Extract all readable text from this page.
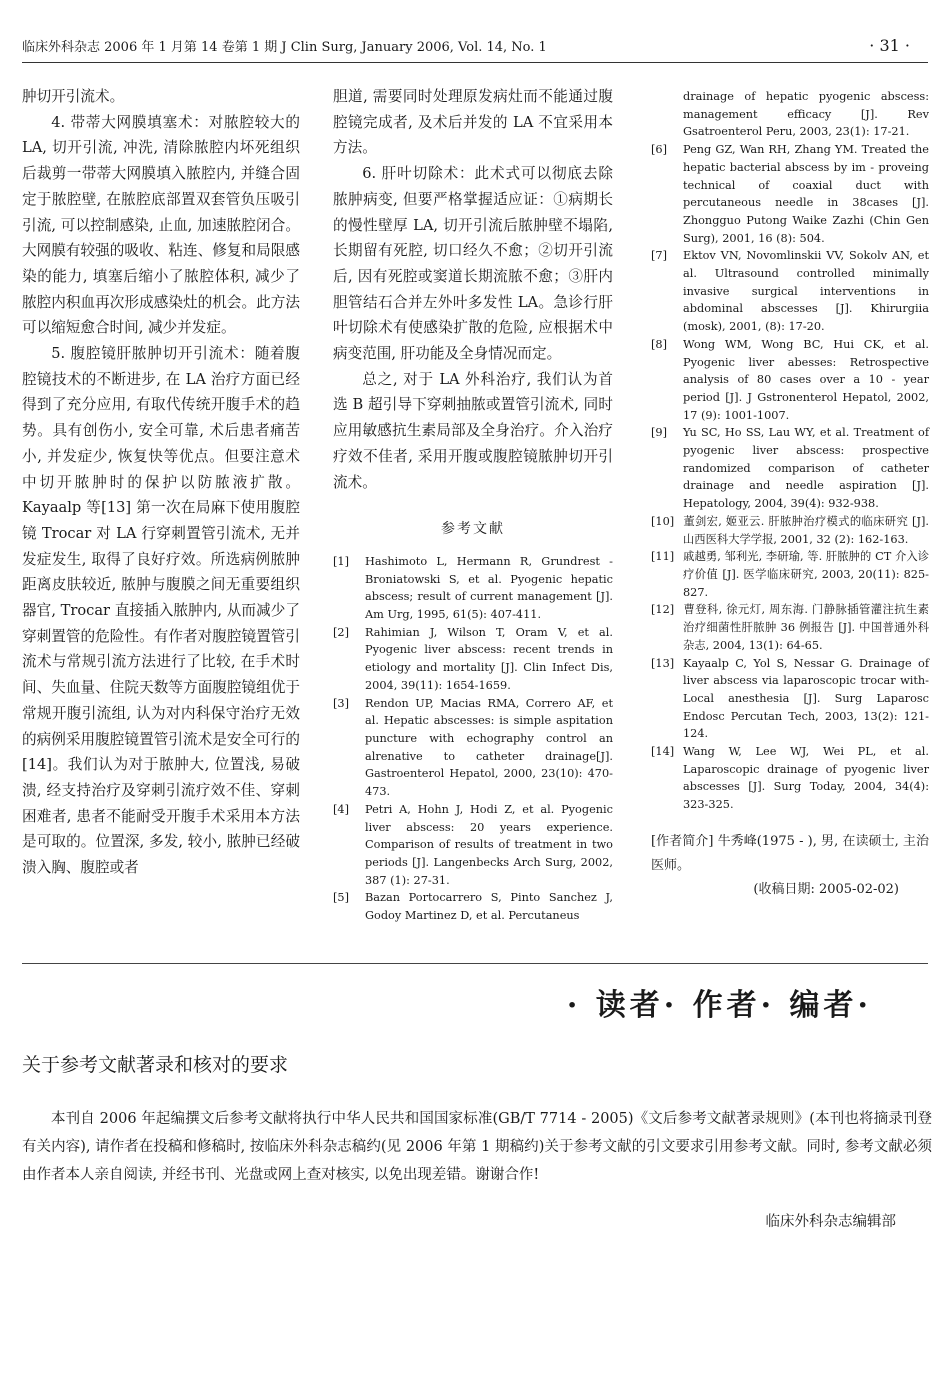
临床外科杂志 2006 年 1 月第 14 卷第 1 期 J Clin Surg, January 2006, Vol. 14, No. 1	· 31 ·

肿切开引流术。

4. 带蒂大网膜填塞术：对脓腔较大的 LA, 切开引流, 冲洗, 清除脓腔内坏死组织后裁剪一带蒂大网膜填入脓腔内, 并缝合固定于脓腔壁, 在脓腔底部置双套管负压吸引引流, 可以控制感染, 止血, 加速脓腔闭合。大网膜有较强的吸收、粘连、修复和局限感染的能力, 填塞后缩小了脓腔体积, 减少了脓腔内积血再次形成感染灶的机会。此方法可以缩短愈合时间, 减少并发症。

5. 腹腔镜肝脓肿切开引流术：随着腹腔镜技术的不断进步, 在 LA 治疗方面已经得到了充分应用, 有取代传统开腹手术的趋势。具有创伤小, 安全可靠, 术后患者痛苦小, 并发症少, 恢复快等优点。但要注意术中切开脓肿时的保护以防脓液扩散。Kayaalp 等[13] 第一次在局麻下使用腹腔镜 Trocar 对 LA 行穿刺置管引流术, 无并发症发生, 取得了良好疗效。所选病例脓肿距离皮肤较近, 脓肿与腹膜之间无重要组织器官, Trocar 直接插入脓肿内, 从而减少了穿刺置管的危险性。有作者对腹腔镜置管引流术与常规引流方法进行了比较, 在手术时间、失血量、住院天数等方面腹腔镜组优于常规开腹引流组, 认为对内科保守治疗无效的病例采用腹腔镜置管引流术是安全可行的[14]。我们认为对于脓肿大, 位置浅, 易破溃, 经支持治疗及穿刺引流疗效不佳、穿刺困难者, 患者不能耐受开腹手术采用本方法是可取的。位置深, 多发, 较小, 脓肿已经破溃入胸、腹腔或者

胆道, 需要同时处理原发病灶而不能通过腹腔镜完成者, 及术后并发的 LA 不宜采用本方法。

6. 肝叶切除术：此术式可以彻底去除脓肿病变, 但要严格掌握适应证：①病期长的慢性壁厚 LA, 切开引流后脓肿壁不塌陷, 长期留有死腔, 切口经久不愈；②切开引流后, 因有死腔或窦道长期流脓不愈；③肝内胆管结石合并左外叶多发性 LA。急诊行肝叶切除术有使感染扩散的危险, 应根据术中病变范围, 肝功能及全身情况而定。

总之, 对于 LA 外科治疗, 我们认为首选 B 超引导下穿刺抽脓或置管引流术, 同时应用敏感抗生素局部及全身治疗。介入治疗疗效不佳者, 采用开腹或腹腔镜脓肿切开引流术。

参考文献

[1] Hashimoto L, Hermann R, Grundrest - Broniatowski S, et al. Pyogenic hepatic abscess; result of current management [J]. Am Urg, 1995, 61(5): 407-411.

[2] Rahimian J, Wilson T, Oram V, et al. Pyogenic liver abscess: recent trends in etiology and mortality [J]. Clin Infect Dis, 2004, 39(11): 1654-1659.

[3] Rendon UP, Macias RMA, Correro AF, et al. Hepatic abscesses: is simple aspitation puncture with echography control an alrenative to catheter drainage[J]. Gastroenterol Hepatol, 2000, 23(10): 470-473.

[4] Petri A, Hohn J, Hodi Z, et al. Pyogenic liver abscess: 20 years experience. Comparison of results of treatment in two periods [J]. Langenbecks Arch Surg, 2002, 387 (1): 27-31.

[5] Bazan Portocarrero S, Pinto Sanchez J, Godoy Martinez D, et al. Percutaneus

drainage of hepatic pyogenic abscess: management efficacy [J]. Rev Gsatroenterol Peru, 2003, 23(1): 17-21.

[6] Peng GZ, Wan RH, Zhang YM. Treated the hepatic bacterial abscess by im - proveing technical of coaxial duct with percutaneous needle in 38cases [J]. Zhongguo Putong Waike Zazhi (Chin Gen Surg), 2001, 16 (8): 504.

[7] Ektov VN, Novomlinskii VV, Sokolv AN, et al. Ultrasound controlled minimally invasive surgical interventions in abdominal abscesses [J]. Khirurgiia (mosk), 2001, (8): 17-20.

[8] Wong WM, Wong BC, Hui CK, et al. Pyogenic liver abesses: Retrospective analysis of 80 cases over a 10 - year period [J]. J Gstronenterol Hepatol, 2002, 17 (9): 1001-1007.

[9] Yu SC, Ho SS, Lau WY, et al. Treatment of pyogenic liver abscess: prospective randomized comparison of catheter drainage and needle aspiration [J]. Hepatology, 2004, 39(4): 932-938.

[10] 董剑宏, 姬亚云. 肝脓肿治疗模式的临床研究 [J]. 山西医科大学学报, 2001, 32 (2): 162-163.

[11] 戚越勇, 邹利光, 李研瑜, 等. 肝脓肿的 CT 介入诊疗价值 [J]. 医学临床研究, 2003, 20(11): 825-827.

[12] 曹登科, 徐元灯, 周东海. 门静脉插管灌注抗生素治疗细菌性肝脓肿 36 例报告 [J]. 中国普通外科杂志, 2004, 13(1): 64-65.

[13] Kayaalp C, Yol S, Nessar G. Drainage of liver abscess via laparoscopic trocar with- Local anesthesia [J]. Surg Laparosc Endosc Percutan Tech, 2003, 13(2): 121-124.

[14] Wang W, Lee WJ, Wei PL, et al. Laparoscopic drainage of pyogenic liver abscesses [J]. Surg Today, 2004, 34(4): 323-325.

[作者简介] 牛秀峰(1975 - ), 男, 在读硕士, 主治医师。

(收稿日期: 2005-02-02)

· 读者· 作者· 编者·
关于参考文献著录和核对的要求
本刊自 2006 年起编撰文后参考文献将执行中华人民共和国国家标准(GB/T 7714 - 2005)《文后参考文献著录规则》(本刊也将摘录刊登有关内容), 请作者在投稿和修稿时, 按临床外科杂志稿约(见 2006 年第 1 期稿约)关于参考文献的引文要求引用参考文献。同时, 参考文献必须由作者本人亲自阅读, 并经书刊、光盘或网上查对核实, 以免出现差错。谢谢合作!
临床外科杂志编辑部
